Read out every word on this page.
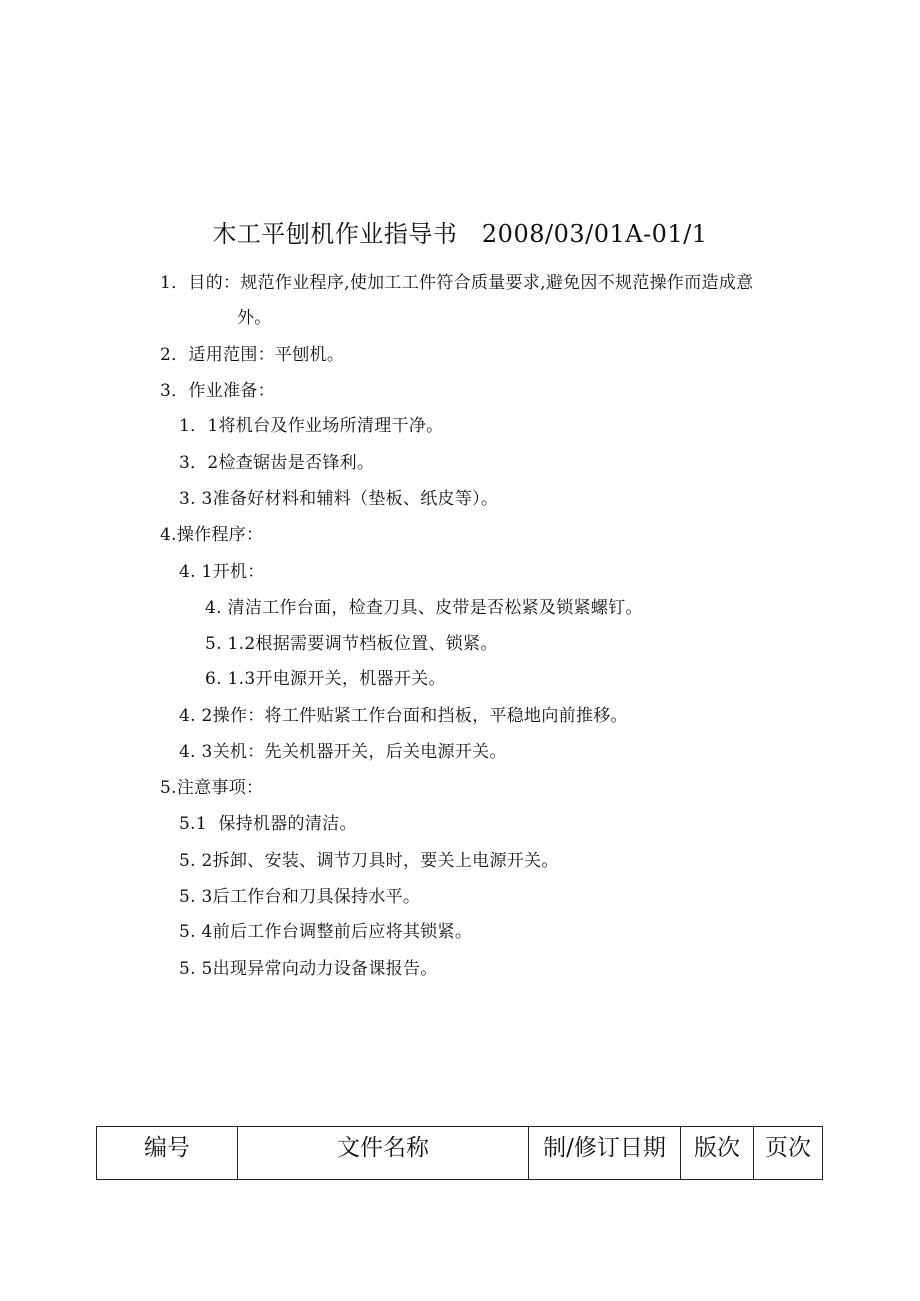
木工平刨机作业指导书　2008/03/01A-01/1
1．目的：规范作业程序,使加工工件符合质量要求,避免因不规范操作而造成意
外。
2．适用范围：平刨机。
3．作业准备：
1．1将机台及作业场所清理干净。
3．2检查锯齿是否锋利。
3. 3准备好材料和辅料（垫板、纸皮等）。
4.操作程序：
4. 1开机：
4. 清洁工作台面，检查刀具、皮带是否松紧及锁紧螺钉。
5. 1.2根据需要调节档板位置、锁紧。
6. 1.3开电源开关，机器开关。
4. 2操作：将工件贴紧工作台面和挡板，平稳地向前推移。
4. 3关机：先关机器开关，后关电源开关。
5.注意事项：
5.1  保持机器的清洁。
5. 2拆卸、安装、调节刀具时，要关上电源开关。
5. 3后工作台和刀具保持水平。
5. 4前后工作台调整前后应将其锁紧。
5. 5出现异常向动力设备课报告。
编号	文件名称	制/修订日期	版次	页次
